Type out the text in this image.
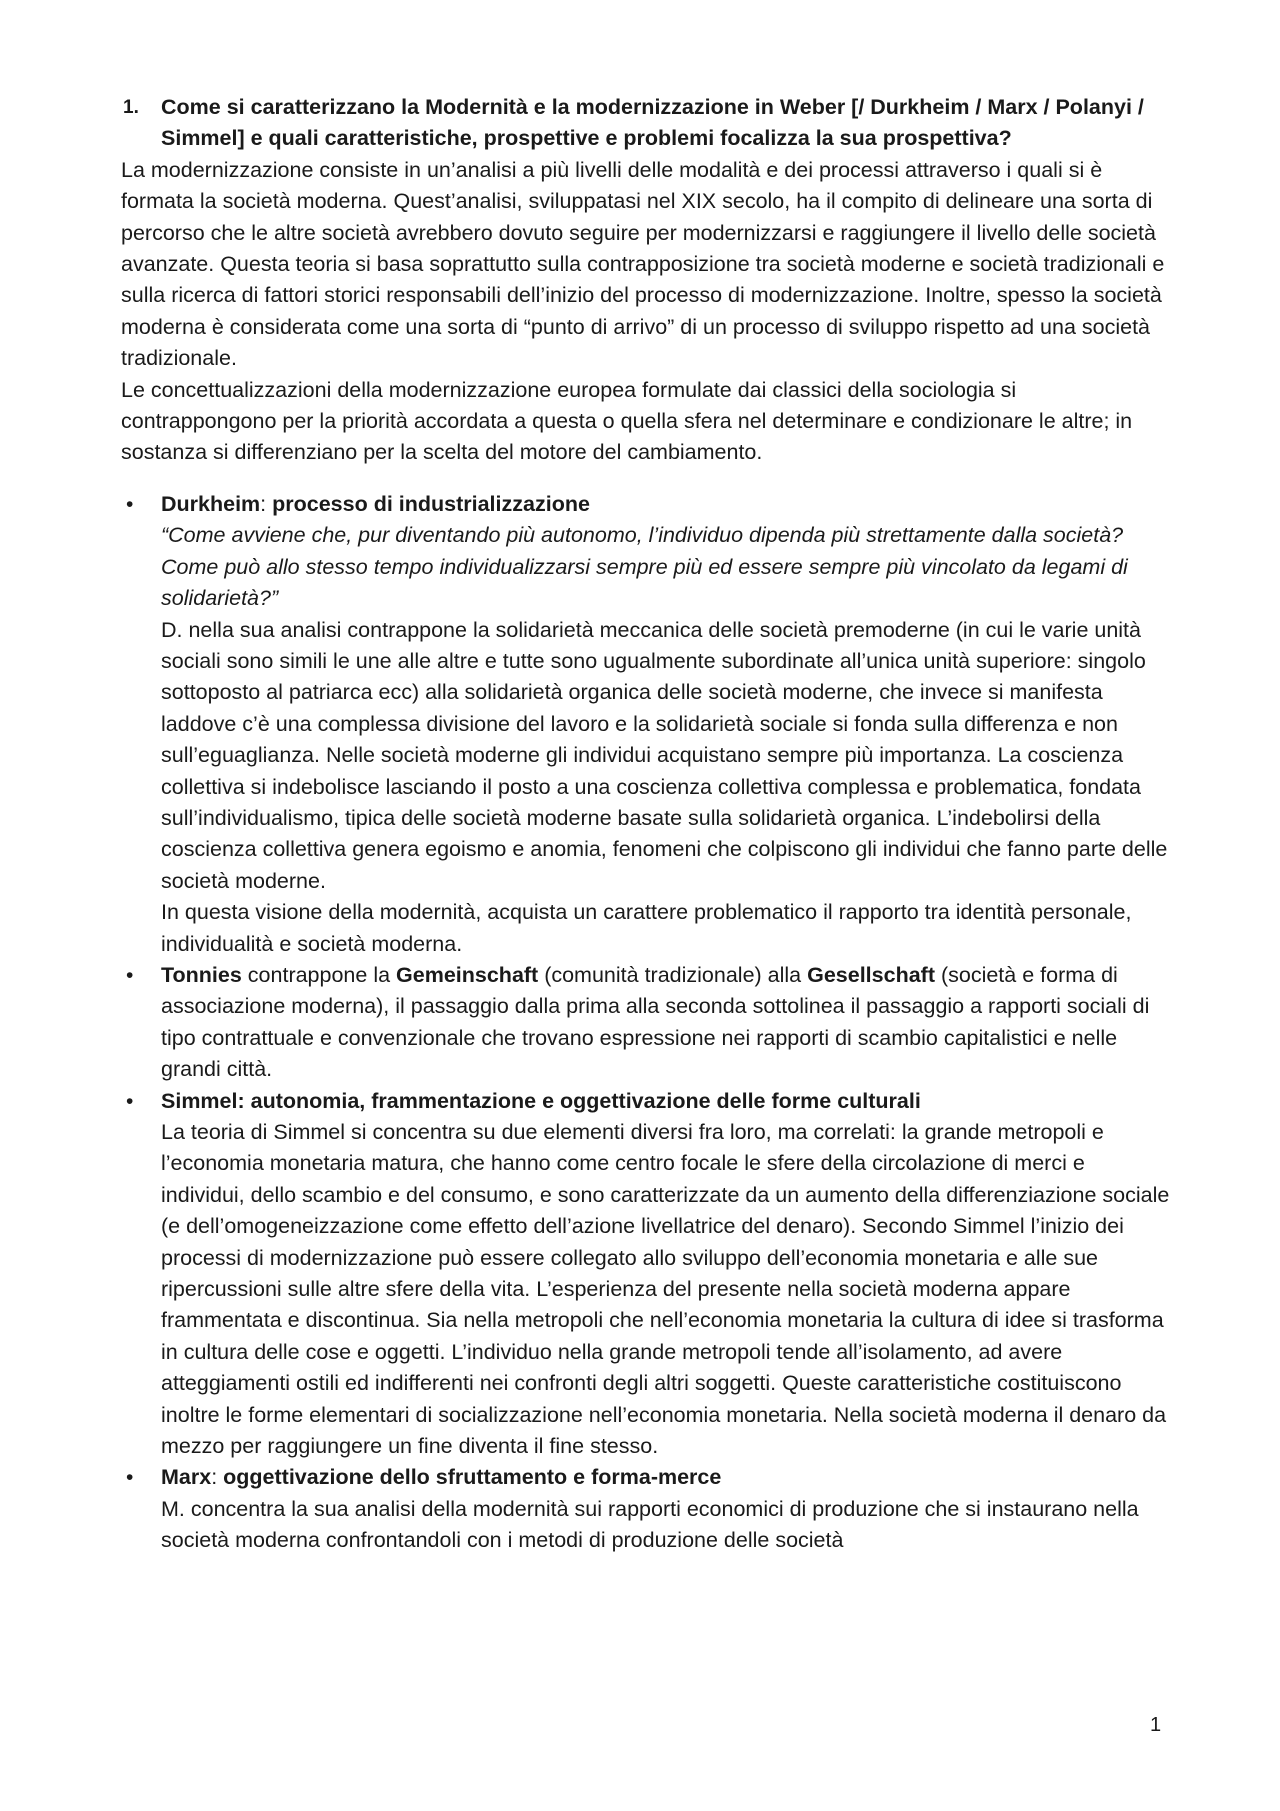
1. Come si caratterizzano la Modernità e la modernizzazione in Weber [/ Durkheim / Marx / Polanyi / Simmel] e quali caratteristiche, prospettive e problemi focalizza la sua prospettiva?

La modernizzazione consiste in un’analisi a più livelli delle modalità e dei processi attraverso i quali si è formata la società moderna. Quest’analisi, sviluppatasi nel XIX secolo, ha il compito di delineare una sorta di percorso che le altre società avrebbero dovuto seguire per modernizzarsi e raggiungere il livello delle società avanzate. Questa teoria si basa soprattutto sulla contrapposizione tra società moderne e società tradizionali e sulla ricerca di fattori storici responsabili dell’inizio del processo di modernizzazione. Inoltre, spesso la società moderna è considerata come una sorta di “punto di arrivo” di un processo di sviluppo rispetto ad una società tradizionale.

Le concettualizzazioni della modernizzazione europea formulate dai classici della sociologia si contrappongono per la priorità accordata a questa o quella sfera nel determinare e condizionare le altre; in sostanza si differenziano per la scelta del motore del cambiamento.

• Durkheim: processo di industrializzazione
“Come avviene che, pur diventando più autonomo, l’individuo dipenda più strettamente dalla società? Come può allo stesso tempo individualizzarsi sempre più ed essere sempre più vincolato da legami di solidarietà?”
D. nella sua analisi contrappone la solidarietà meccanica delle società premoderne (in cui le varie unità sociali sono simili le une alle altre e tutte sono ugualmente subordinate all’unica unità superiore: singolo sottoposto al patriarca ecc) alla solidarietà organica delle società moderne, che invece si manifesta laddove c’è una complessa divisione del lavoro e la solidarietà sociale si fonda sulla differenza e non sull’eguaglianza. Nelle società moderne gli individui acquistano sempre più importanza. La coscienza collettiva si indebolisce lasciando il posto a una coscienza collettiva complessa e problematica, fondata sull’individualismo, tipica delle società moderne basate sulla solidarietà organica. L’indebolirsi della coscienza collettiva genera egoismo e anomia, fenomeni che colpiscono gli individui che fanno parte delle società moderne.
In questa visione della modernità, acquista un carattere problematico il rapporto tra identità personale, individualità e società moderna.
• Tonnies contrappone la Gemeinschaft (comunità tradizionale) alla Gesellschaft (società e forma di associazione moderna), il passaggio dalla prima alla seconda sottolinea il passaggio a rapporti sociali di tipo contrattuale e convenzionale che trovano espressione nei rapporti di scambio capitalistici e nelle grandi città.
• Simmel: autonomia, frammentazione e oggettivazione delle forme culturali
La teoria di Simmel si concentra su due elementi diversi fra loro, ma correlati: la grande metropoli e l’economia monetaria matura, che hanno come centro focale le sfere della circolazione di merci e individui, dello scambio e del consumo, e sono caratterizzate da un aumento della differenziazione sociale (e dell’omogeneizzazione come effetto dell’azione livellatrice del denaro). Secondo Simmel l’inizio dei processi di modernizzazione può essere collegato allo sviluppo dell’economia monetaria e alle sue ripercussioni sulle altre sfere della vita. L’esperienza del presente nella società moderna appare frammentata e discontinua. Sia nella metropoli che nell’economia monetaria la cultura di idee si trasforma in cultura delle cose e oggetti. L’individuo nella grande metropoli tende all’isolamento, ad avere atteggiamenti ostili ed indifferenti nei confronti degli altri soggetti. Queste caratteristiche costituiscono inoltre le forme elementari di socializzazione nell’economia monetaria. Nella società moderna il denaro da mezzo per raggiungere un fine diventa il fine stesso.
• Marx: oggettivazione dello sfruttamento e forma-merce
M. concentra la sua analisi della modernità sui rapporti economici di produzione che si instaurano nella società moderna confrontandoli con i metodi di produzione delle società
1
